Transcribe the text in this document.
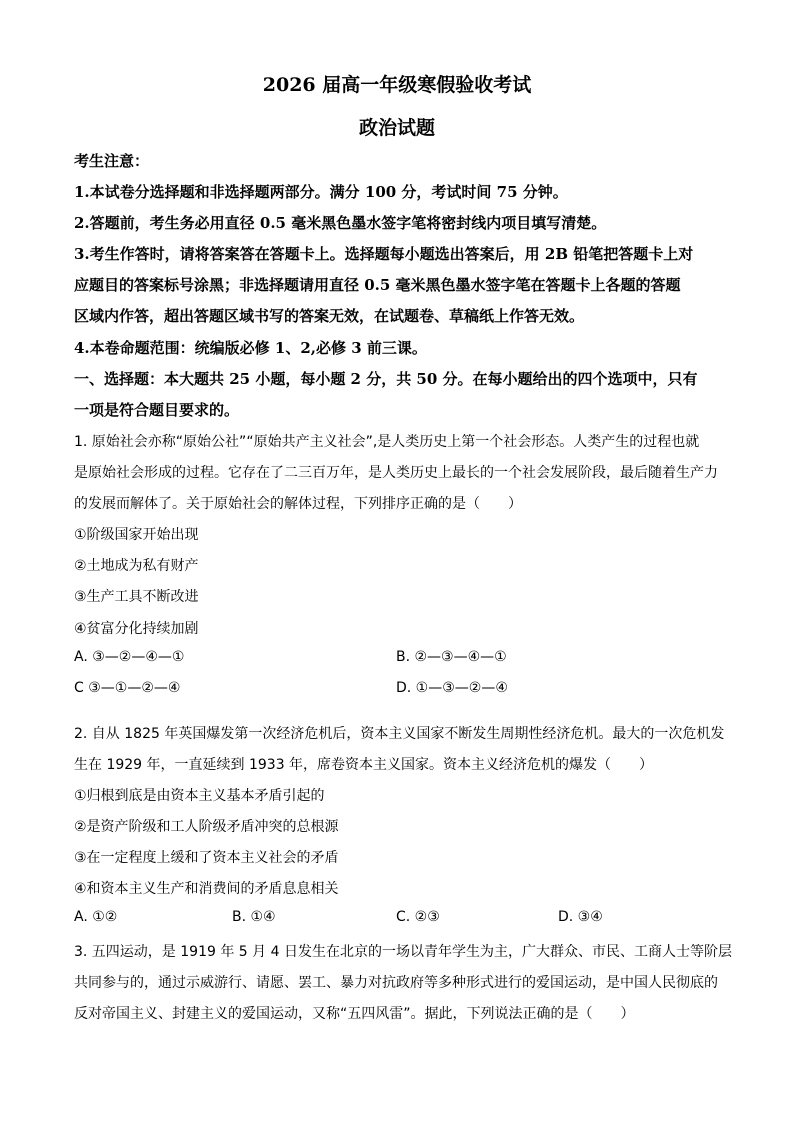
2026 届高一年级寒假验收考试
政治试题
考生注意：
1.本试卷分选择题和非选择题两部分。满分 100 分，考试时间 75 分钟。
2.答题前，考生务必用直径 0.5 毫米黑色墨水签字笔将密封线内项目填写清楚。
3.考生作答时，请将答案答在答题卡上。选择题每小题选出答案后，用 2B 铅笔把答题卡上对
应题目的答案标号涂黑；非选择题请用直径 0.5 毫米黑色墨水签字笔在答题卡上各题的答题
区域内作答，超出答题区域书写的答案无效，在试题卷、草稿纸上作答无效。
4.本卷命题范围：统编版必修 1、2,必修 3 前三课。
一、选择题：本大题共 25 小题，每小题 2 分，共 50 分。在每小题给出的四个选项中，只有
一项是符合题目要求的。
1. 原始社会亦称“原始公社”“原始共产主义社会”,是人类历史上第一个社会形态。人类产生的过程也就
是原始社会形成的过程。它存在了二三百万年，是人类历史上最长的一个社会发展阶段，最后随着生产力
的发展而解体了。关于原始社会的解体过程，下列排序正确的是（　　）
①阶级国家开始出现
②土地成为私有财产
③生产工具不断改进
④贫富分化持续加剧
A. ③—②—④—①	B. ②—③—④—①
C ③—①—②—④	D. ①—③—②—④
2. 自从 1825 年英国爆发第一次经济危机后，资本主义国家不断发生周期性经济危机。最大的一次危机发
生在 1929 年，一直延续到 1933 年，席卷资本主义国家。资本主义经济危机的爆发（　　）
①归根到底是由资本主义基本矛盾引起的
②是资产阶级和工人阶级矛盾冲突的总根源
③在一定程度上缓和了资本主义社会的矛盾
④和资本主义生产和消费间的矛盾息息相关
A. ①②	B. ①④	C. ②③	D. ③④
3. 五四运动，是 1919 年 5 月 4 日发生在北京的一场以青年学生为主，广大群众、市民、工商人士等阶层
共同参与的，通过示威游行、请愿、罢工、暴力对抗政府等多种形式进行的爱国运动，是中国人民彻底的
反对帝国主义、封建主义的爱国运动，又称“五四风雷”。据此，下列说法正确的是（　　）
